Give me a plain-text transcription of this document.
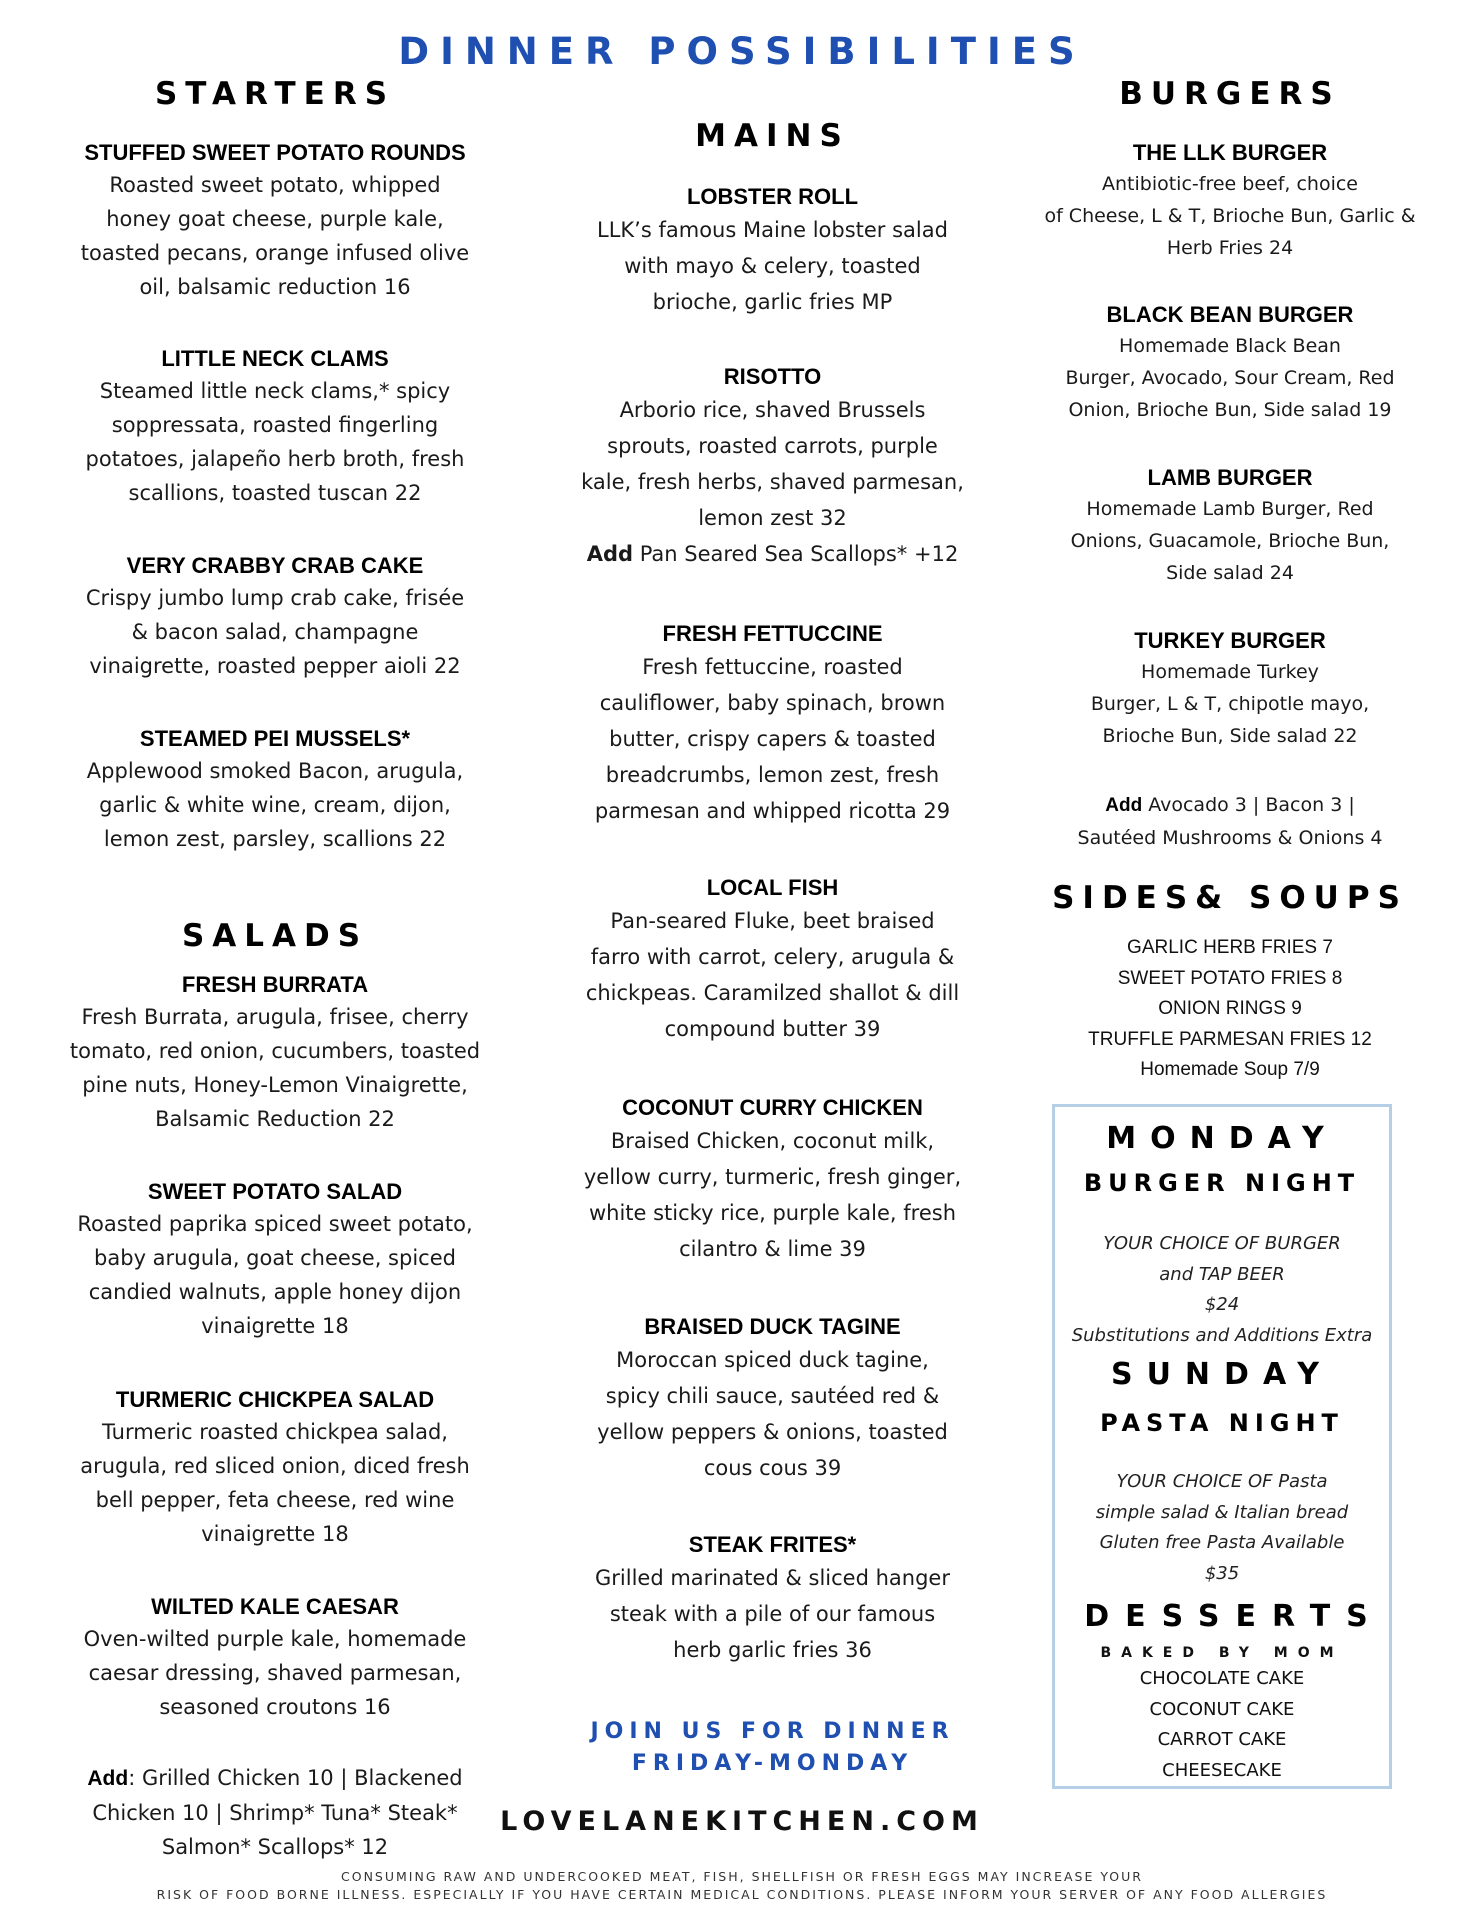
DINNER POSSIBILITIES
STARTERS
STUFFED SWEET POTATO ROUNDS
Roasted sweet potato, whipped
honey goat cheese, purple kale,
toasted pecans, orange infused olive
oil, balsamic reduction 16
LITTLE NECK CLAMS
Steamed little neck clams,* spicy
soppressata, roasted fingerling
potatoes, jalapeño herb broth, fresh
scallions, toasted tuscan 22
VERY CRABBY CRAB CAKE
Crispy jumbo lump crab cake, frisée
& bacon salad, champagne
vinaigrette, roasted pepper aioli 22
STEAMED PEI MUSSELS*
Applewood smoked Bacon, arugula,
garlic & white wine, cream, dijon,
lemon zest, parsley, scallions 22
SALADS
FRESH BURRATA
Fresh Burrata, arugula, frisee, cherry
tomato, red onion, cucumbers, toasted
pine nuts, Honey-Lemon Vinaigrette,
Balsamic Reduction 22
SWEET POTATO SALAD
Roasted paprika spiced sweet potato,
baby arugula, goat cheese, spiced
candied walnuts, apple honey dijon
vinaigrette 18
TURMERIC CHICKPEA SALAD
Turmeric roasted chickpea salad,
arugula, red sliced onion, diced fresh
bell pepper, feta cheese, red wine
vinaigrette 18
WILTED KALE CAESAR
Oven-wilted purple kale, homemade
caesar dressing, shaved parmesan,
seasoned croutons 16
Add: Grilled Chicken 10 | Blackened
Chicken 10 | Shrimp* Tuna* Steak*
Salmon* Scallops* 12
MAINS
LOBSTER ROLL
LLK’s famous Maine lobster salad
with mayo & celery, toasted
brioche, garlic fries MP
RISOTTO
Arborio rice, shaved Brussels
sprouts, roasted carrots, purple
kale, fresh herbs, shaved parmesan,
lemon zest 32
Add Pan Seared Sea Scallops* +12
FRESH FETTUCCINE
Fresh fettuccine, roasted
cauliflower, baby spinach, brown
butter, crispy capers & toasted
breadcrumbs, lemon zest, fresh
parmesan and whipped ricotta 29
LOCAL FISH
Pan-seared Fluke, beet braised
farro with carrot, celery, arugula &
chickpeas. Caramilzed shallot & dill
compound butter 39
COCONUT CURRY CHICKEN
Braised Chicken, coconut milk,
yellow curry, turmeric, fresh ginger,
white sticky rice, purple kale, fresh
cilantro & lime 39
BRAISED DUCK TAGINE
Moroccan spiced duck tagine,
spicy chili sauce, sautéed red &
yellow peppers & onions, toasted
cous cous 39
STEAK FRITES*
Grilled marinated & sliced hanger
steak with a pile of our famous
herb garlic fries 36
JOIN US FOR DINNER
FRIDAY-MONDAY
BURGERS
THE LLK BURGER
Antibiotic-free beef, choice
of Cheese, L & T, Brioche Bun, Garlic &
Herb Fries 24
BLACK BEAN BURGER
Homemade Black Bean
Burger, Avocado, Sour Cream, Red
Onion, Brioche Bun, Side salad 19
LAMB BURGER
Homemade Lamb Burger, Red
Onions, Guacamole, Brioche Bun,
Side salad 24
TURKEY BURGER
Homemade Turkey
Burger, L & T, chipotle mayo,
Brioche Bun, Side salad 22
Add Avocado 3 | Bacon 3 |
Sautéed Mushrooms & Onions 4
SIDES& SOUPS
GARLIC HERB FRIES 7
SWEET POTATO FRIES 8
ONION RINGS 9
TRUFFLE PARMESAN FRIES 12
Homemade Soup 7/9
MONDAY
BURGER NIGHT
YOUR CHOICE OF BURGER
and TAP BEER
$24
Substitutions and Additions Extra
SUNDAY
PASTA NIGHT
YOUR CHOICE OF Pasta
simple salad & Italian bread
Gluten free Pasta Available
$35
DESSERTS
BAKED BY MOM
CHOCOLATE CAKE
COCONUT CAKE
CARROT CAKE
CHEESECAKE
LOVELANEKITCHEN.COM
CONSUMING RAW AND UNDERCOOKED MEAT, FISH, SHELLFISH OR FRESH EGGS MAY INCREASE YOUR
RISK OF FOOD BORNE ILLNESS. ESPECIALLY IF YOU HAVE CERTAIN MEDICAL CONDITIONS. PLEASE INFORM YOUR SERVER OF ANY FOOD ALLERGIES
